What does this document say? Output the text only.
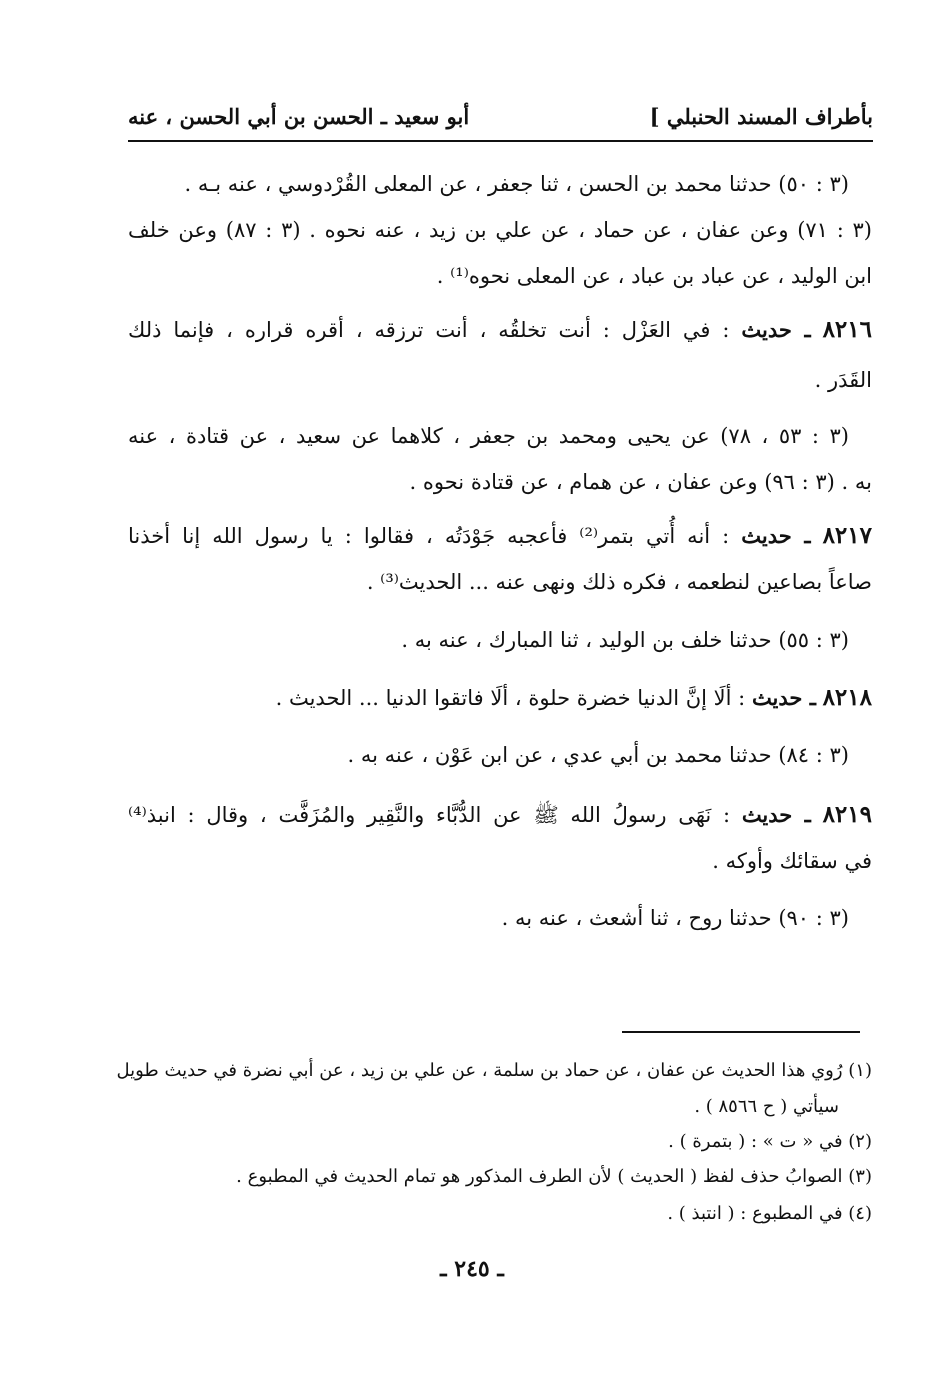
بأطراف المسند الحنبلي ]
أبو سعيد ـ الحسن بن أبي الحسن ، عنه
(٣ : ٥٠) حدثنا محمد بن الحسن ، ثنا جعفر ، عن المعلى القُرْدوسي ، عنه بـه .
(٣ : ٧١) وعن عفان ، عن حماد ، عن علي بن زيد ، عنه نحوه . (٣ : ٨٧) وعن خلف
ابن الوليد ، عن عباد بن عباد ، عن المعلى نحوه⁽¹⁾ .
٨٢١٦ ـ حديث : في العَزْل : أنت تخلقُه ، أنت ترزقه ، أقره قراره ، فإنما ذلك
القَدَر .
(٣ : ٥٣ ، ٧٨) عن يحيى ومحمد بن جعفر ، كلاهما عن سعيد ، عن قتادة ، عنه
به . (٣ : ٩٦) وعن عفان ، عن همام ، عن قتادة نحوه .
٨٢١٧ ـ حديث : أنه أُتي بتمر⁽²⁾ فأعجبه جَوْدَتُه ، فقالوا : يا رسول الله إنا أخذنا
صاعاً بصاعين لنطعمه ، فكره ذلك ونهى عنه ... الحديث⁽³⁾ .
(٣ : ٥٥) حدثنا خلف بن الوليد ، ثنا المبارك ، عنه به .
٨٢١٨ ـ حديث : ألَا إنَّ الدنيا خضرة حلوة ، ألَا فاتقوا الدنيا ... الحديث .
(٣ : ٨٤) حدثنا محمد بن أبي عدي ، عن ابن عَوْن ، عنه به .
٨٢١٩ ـ حديث : نَهَى رسولُ الله ﷺ عن الدُّبَّاء والنَّقِير والمُزَفَّت ، وقال : انبذ⁽⁴⁾
في سقائك وأوكه .
(٣ : ٩٠) حدثنا روح ، ثنا أشعث ، عنه به .
(١) رُوي هذا الحديث عن عفان ، عن حماد بن سلمة ، عن علي بن زيد ، عن أبي نضرة في حديث طويل
سيأتي ( ح ٨٥٦٦ ) .
(٢) في « ت » : ( بتمرة ) .
(٣) الصوابُ حذف لفظ ( الحديث ) لأن الطرف المذكور هو تمام الحديث في المطبوع .
(٤) في المطبوع : ( انتبذ ) .
ـ ٢٤٥ ـ
